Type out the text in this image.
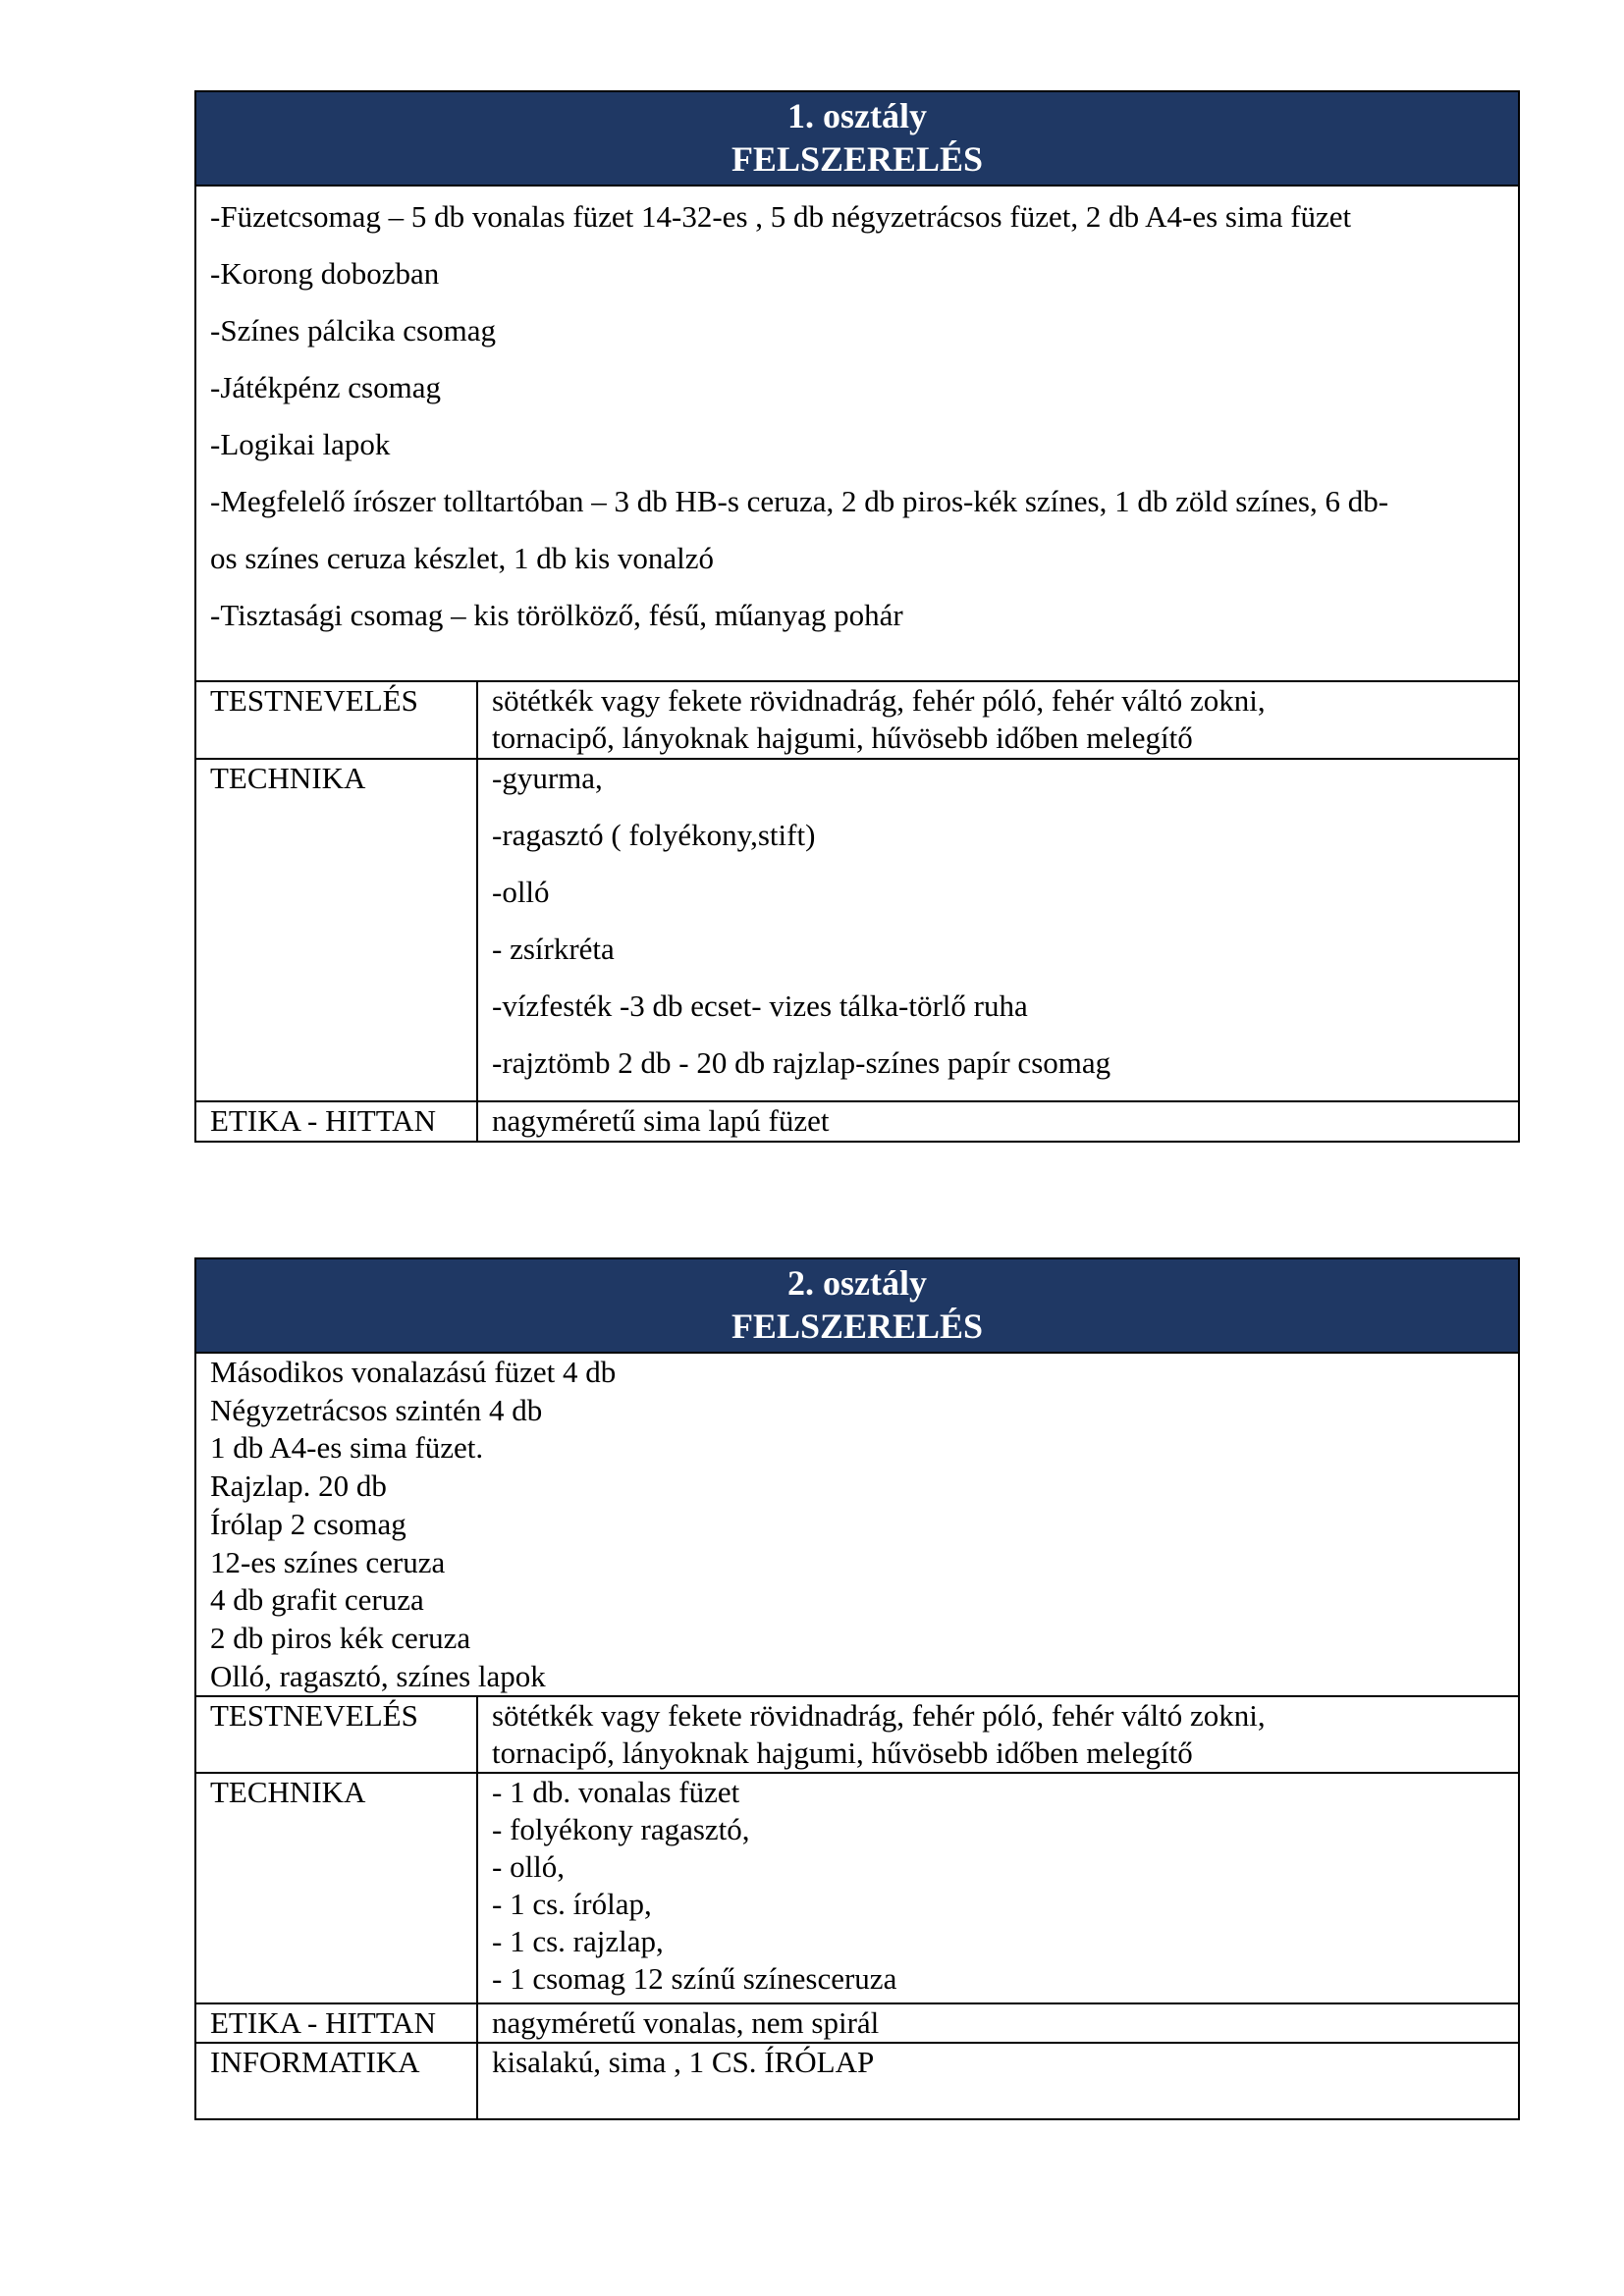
1. osztály
FELSZERELÉS
-Füzetcsomag – 5 db vonalas füzet 14-32-es , 5 db négyzetrácsos füzet, 2 db A4-es sima füzet
-Korong dobozban
-Színes pálcika csomag
-Játékpénz csomag
-Logikai lapok
-Megfelelő írószer tolltartóban – 3 db HB-s ceruza, 2 db piros-kék színes, 1 db zöld színes, 6 db-
os színes ceruza készlet, 1 db kis vonalzó
-Tisztasági csomag – kis törölköző, fésű, műanyag pohár
TESTNEVELÉS	sötétkék vagy fekete rövidnadrág, fehér póló, fehér váltó zokni,
tornacipő, lányoknak hajgumi, hűvösebb időben melegítő
TECHNIKA	-gyurma,
-ragasztó ( folyékony,stift)
-olló
- zsírkréta
-vízfesték -3 db ecset- vizes tálka-törlő ruha
-rajztömb 2 db - 20 db rajzlap-színes papír csomag
ETIKA - HITTAN	nagyméretű sima lapú füzet
2. osztály
FELSZERELÉS
Másodikos vonalazású füzet 4 db
Négyzetrácsos szintén 4 db
1 db A4-es sima füzet.
Rajzlap. 20 db
Írólap 2 csomag
12-es színes ceruza
4 db grafit ceruza
2 db piros kék ceruza
Olló, ragasztó, színes lapok
TESTNEVELÉS	sötétkék vagy fekete rövidnadrág, fehér póló, fehér váltó zokni,
tornacipő, lányoknak hajgumi, hűvösebb időben melegítő
TECHNIKA	- 1 db. vonalas füzet
- folyékony ragasztó,
- olló,
- 1 cs. írólap,
- 1 cs. rajzlap,
- 1 csomag 12 színű színesceruza
ETIKA - HITTAN	nagyméretű vonalas, nem spirál
INFORMATIKA	kisalakú, sima , 1 CS. ÍRÓLAP
